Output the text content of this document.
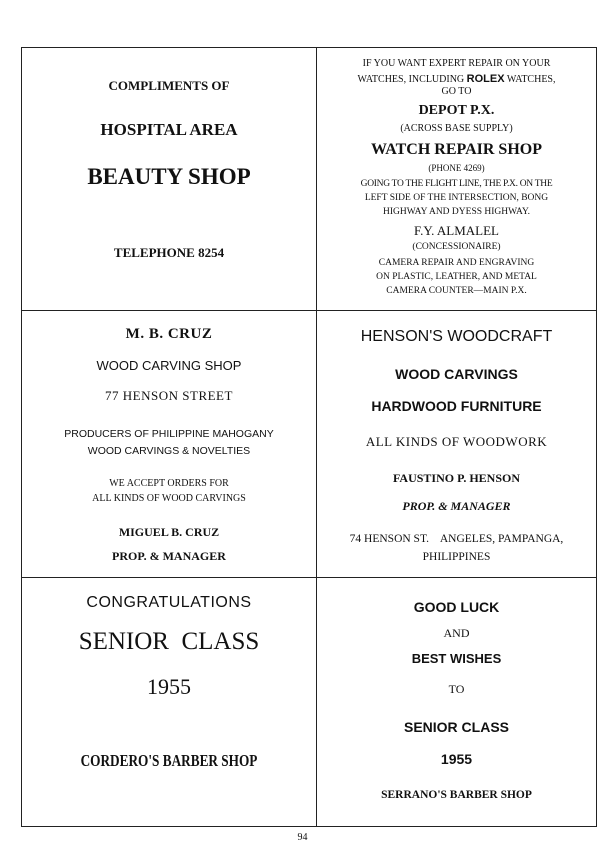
COMPLIMENTS OF
HOSPITAL AREA
BEAUTY SHOP
TELEPHONE 8254
IF YOU WANT EXPERT REPAIR ON YOUR
WATCHES, INCLUDING ROLEX WATCHES,
GO TO
DEPOT P.X.
(ACROSS BASE SUPPLY)
WATCH REPAIR SHOP
(PHONE 4269)
GOING TO THE FLIGHT LINE, THE P.X. ON THE
LEFT SIDE OF THE INTERSECTION, BONG
HIGHWAY AND DYESS HIGHWAY.
F.Y. ALMALEL
(CONCESSIONAIRE)
CAMERA REPAIR AND ENGRAVING
ON PLASTIC, LEATHER, AND METAL
CAMERA COUNTER—MAIN P.X.
M. B. CRUZ
WOOD CARVING SHOP
77 HENSON STREET
PRODUCERS OF PHILIPPINE MAHOGANY
WOOD CARVINGS & NOVELTIES
WE ACCEPT ORDERS FOR
ALL KINDS OF WOOD CARVINGS
MIGUEL B. CRUZ
PROP. & MANAGER
HENSON'S WOODCRAFT
WOOD CARVINGS
HARDWOOD FURNITURE
ALL KINDS OF WOODWORK
FAUSTINO P. HENSON
PROP. & MANAGER
74 HENSON ST.    ANGELES, PAMPANGA,
PHILIPPINES
CONGRATULATIONS
SENIOR  CLASS
1955
CORDERO'S BARBER SHOP
GOOD LUCK
AND
BEST WISHES
TO
SENIOR CLASS
1955
SERRANO'S BARBER SHOP
94
